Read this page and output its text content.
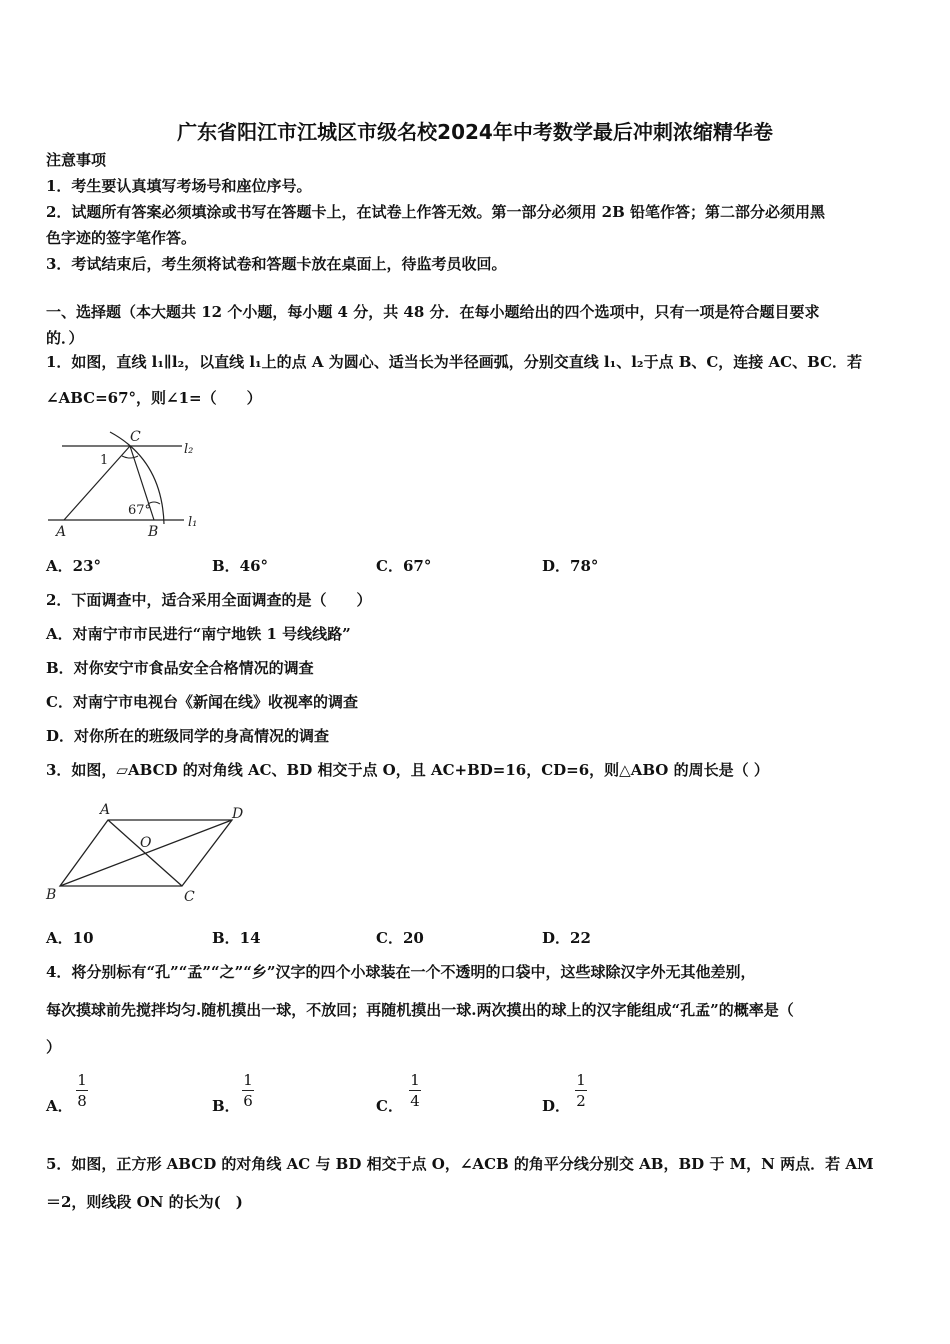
广东省阳江市江城区市级名校2024年中考数学最后冲刺浓缩精华卷
注意事项
1．考生要认真填写考场号和座位序号。
2．试题所有答案必须填涂或书写在答题卡上，在试卷上作答无效。第一部分必须用 2B 铅笔作答；第二部分必须用黑
色字迹的签字笔作答。
3．考试结束后，考生须将试卷和答题卡放在桌面上，待监考员收回。
一、选择题（本大题共 12 个小题，每小题 4 分，共 48 分．在每小题给出的四个选项中，只有一项是符合题目要求
的．）
1．如图，直线 l₁∥l₂，以直线 l₁上的点 A 为圆心、适当长为半径画弧，分别交直线 l₁、l₂于点 B、C，连接 AC、BC．若
∠ABC=67°，则∠1=（　　）
C
l₂
1
67°
A	B
l₁
A．23°	B．46°	C．67°	D．78°
2．下面调查中，适合采用全面调查的是（　　）
A．对南宁市市民进行“南宁地铁 1 号线线路”
B．对你安宁市食品安全合格情况的调查
C．对南宁市电视台《新闻在线》收视率的调查
D．对你所在的班级同学的身高情况的调查
3．如图，▱ABCD 的对角线 AC、BD 相交于点 O，且 AC+BD=16，CD=6，则△ABO 的周长是（ ）
A	D
O
B	C
A．10	B．14	C．20	D．22
4．将分别标有“孔”“孟”“之”“乡”汉字的四个小球装在一个不透明的口袋中，这些球除汉字外无其他差别，
每次摸球前先搅拌均匀.随机摸出一球，不放回；再随机摸出一球.两次摸出的球上的汉字能组成“孔孟”的概率是（
）
A．
1
8	B．
1
6	C．
1
4	D．
1
2
5．如图，正方形 ABCD 的对角线 AC 与 BD 相交于点 O，∠ACB 的角平分线分别交 AB，BD 于 M，N 两点．若 AM
＝2，则线段 ON 的长为(　)
